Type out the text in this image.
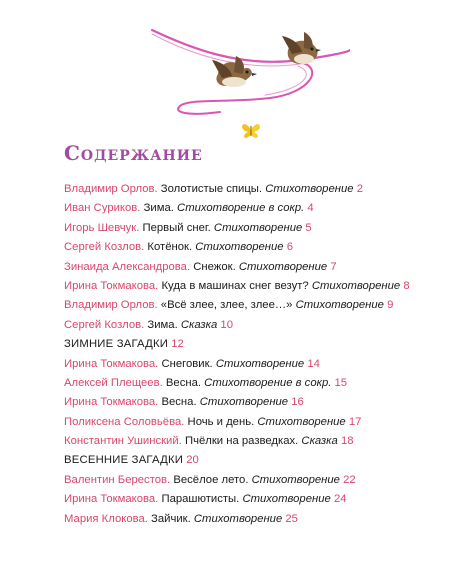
Содержание
Владимир Орлов. Золотистые спицы. Стихотворение 2
Иван Суриков. Зима. Стихотворение в сокр. 4
Игорь Шевчук. Первый снег. Стихотворение 5
Сергей Козлов. Котёнок. Стихотворение 6
Зинаида Александрова. Снежок. Стихотворение 7
Ирина Токмакова. Куда в машинах снег везут? Стихотворение 8
Владимир Орлов. «Всё злее, злее, злее…» Стихотворение 9
Сергей Козлов. Зима. Сказка 10
ЗИМНИЕ ЗАГАДКИ 12
Ирина Токмакова. Снеговик. Стихотворение 14
Алексей Плещеев. Весна. Стихотворение в сокр. 15
Ирина Токмакова. Весна. Стихотворение 16
Поликсена Соловьёва. Ночь и день. Стихотворение 17
Константин Ушинский. Пчёлки на разведках. Сказка 18
ВЕСЕННИЕ ЗАГАДКИ 20
Валентин Берестов. Весёлое лето. Стихотворение 22
Ирина Токмакова. Парашютисты. Стихотворение 24
Мария Клокова. Зайчик. Стихотворение 25
